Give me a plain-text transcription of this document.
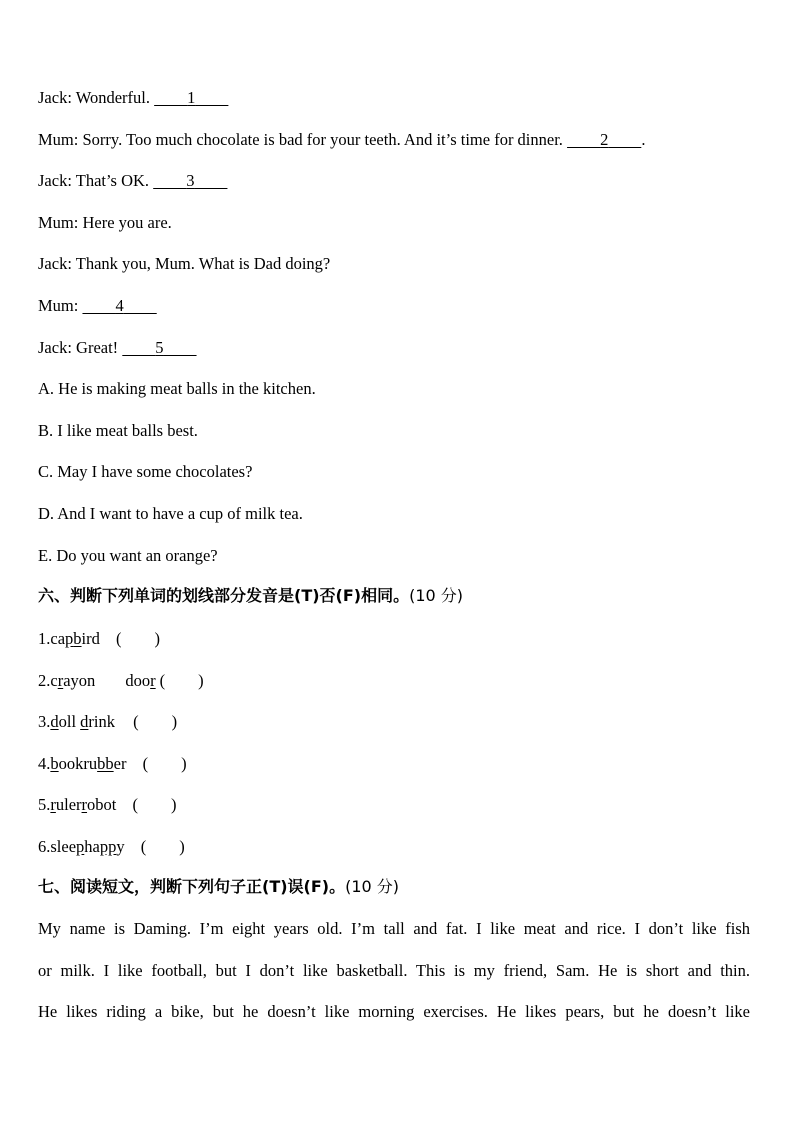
Jack: Wonderful. 1
Mum: Sorry. Too much chocolate is bad for your teeth. And it’s time for dinner. 2 .
Jack: That’s OK. 3
Mum: Here you are.
Jack: Thank you, Mum. What is Dad doing?
Mum: 4
Jack: Great! 5
A. He is making meat balls in the kitchen.
B. I like meat balls best.
C. May I have some chocolates?
D. And I want to have a cup of milk tea.
E. Do you want an orange?
六、判断下列单词的划线部分发音是(T)否(F)相同。(10 分)
1.capbird (        )
2.crayon door (        )
3.doll drink (        )
4.bookrubber (        )
5.rulerrobot (        )
6.sleephappy (        )
七、阅读短文，判断下列句子正(T)误(F)。(10 分)
My name is Daming. I’m eight years old. I’m tall and fat. I like meat and rice. I don’t like fish
or milk. I like football, but I don’t like basketball. This is my friend, Sam. He is short and thin.
He likes riding a bike, but he doesn’t like morning exercises. He likes pears, but he doesn’t like
